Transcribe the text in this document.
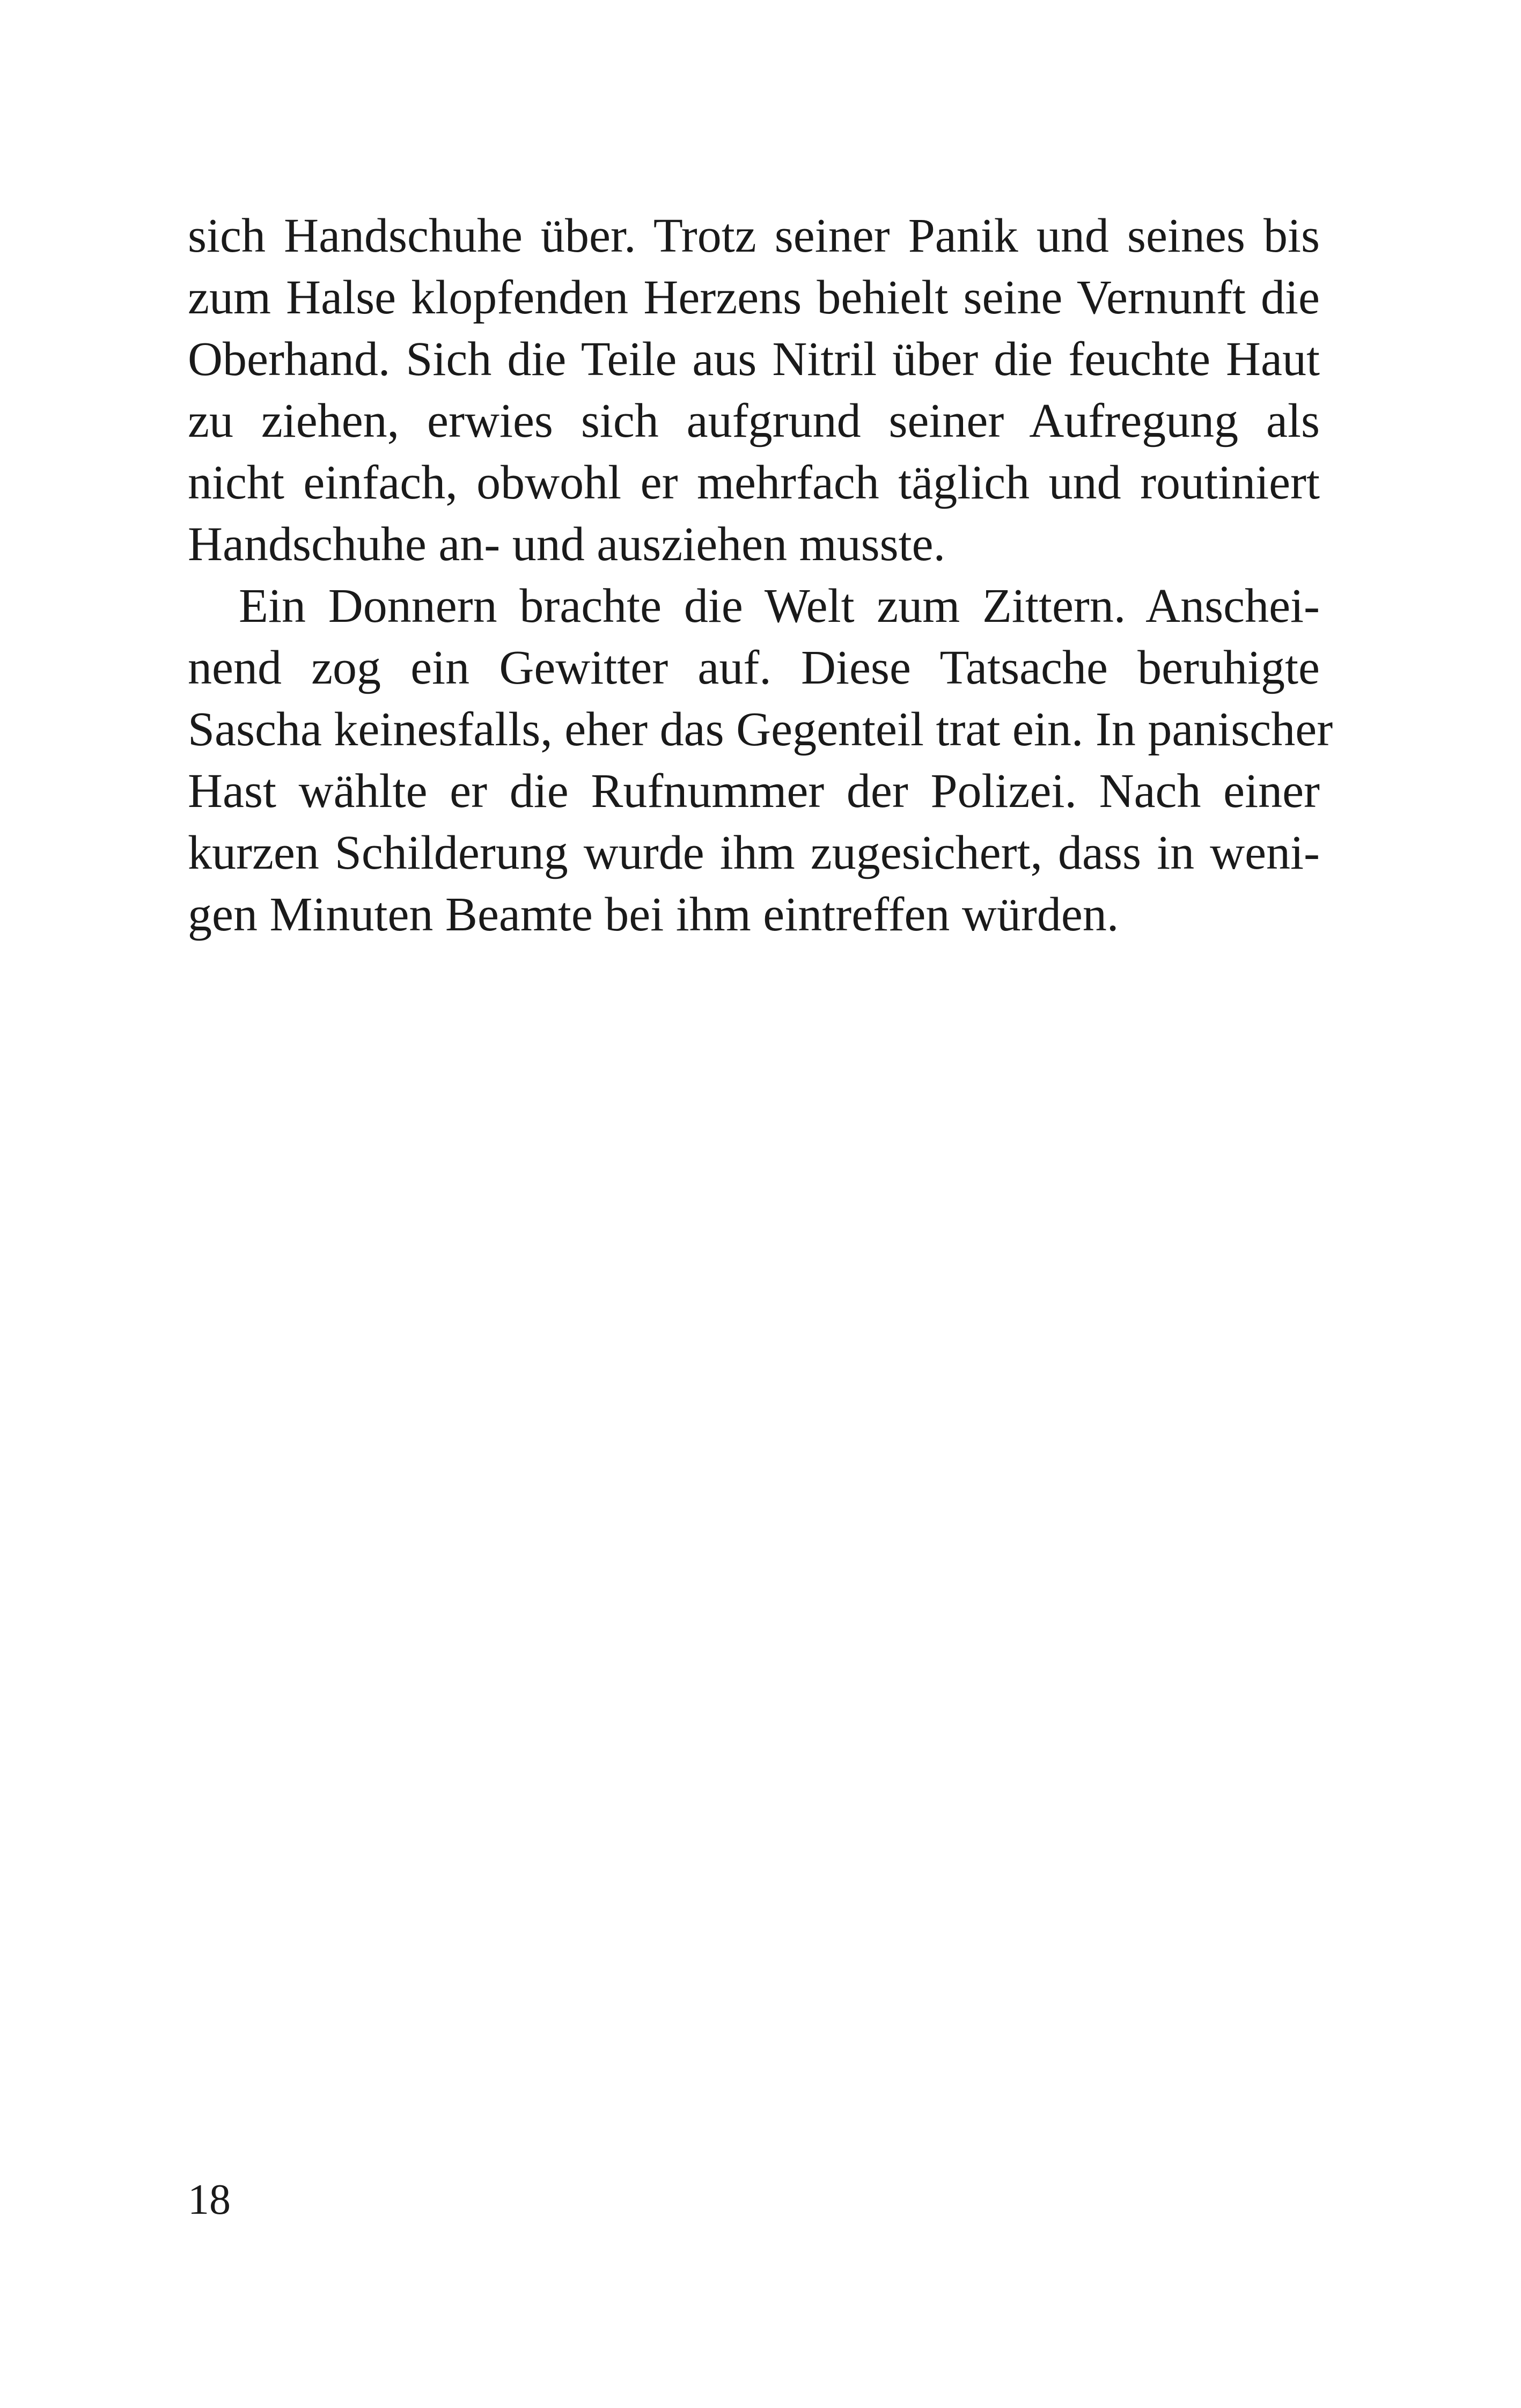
sich Handschuhe über. Trotz seiner Panik und seines bis
zum Halse klopfenden Herzens behielt seine Vernunft die
Oberhand. Sich die Teile aus Nitril über die feuchte Haut
zu ziehen, erwies sich aufgrund seiner Aufregung als
nicht einfach, obwohl er mehrfach täglich und routiniert
Handschuhe an- und ausziehen musste.
Ein Donnern brachte die Welt zum Zittern. Anschei-
nend zog ein Gewitter auf. Diese Tatsache beruhigte
Sascha keinesfalls, eher das Gegenteil trat ein. In panischer
Hast wählte er die Rufnummer der Polizei. Nach einer
kurzen Schilderung wurde ihm zugesichert, dass in weni-
gen Minuten Beamte bei ihm eintreffen würden.
18
